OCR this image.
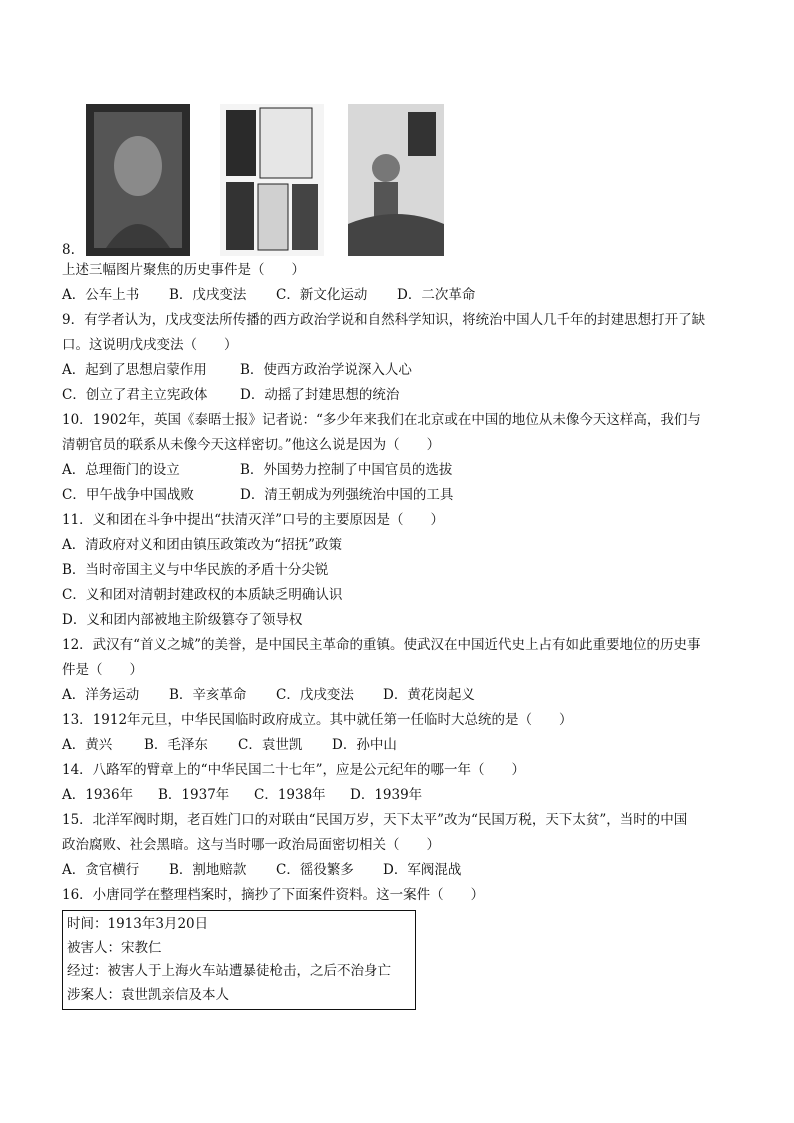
8.
上述三幅图片聚焦的历史事件是（　　）
A．公车上书 B．戊戌变法 C．新文化运动 D．二次革命
9．有学者认为，戊戌变法所传播的西方政治学说和自然科学知识，将统治中国人几千年的封建思想打开了缺
口。这说明戊戌变法（　　）
A．起到了思想启蒙作用 B．使西方政治学说深入人心
C．创立了君主立宪政体 D．动摇了封建思想的统治
10．1902年，英国《泰晤士报》记者说：“多少年来我们在北京或在中国的地位从未像今天这样高，我们与
清朝官员的联系从未像今天这样密切。”他这么说是因为（　　）
A．总理衙门的设立	B．外国势力控制了中国官员的选拔
C．甲午战争中国战败	D．清王朝成为列强统治中国的工具
11．义和团在斗争中提出“扶清灭洋”口号的主要原因是（　　）
A．清政府对义和团由镇压政策改为“招抚”政策
B．当时帝国主义与中华民族的矛盾十分尖锐
C．义和团对清朝封建政权的本质缺乏明确认识
D．义和团内部被地主阶级篡夺了领导权
12．武汉有“首义之城”的美誉，是中国民主革命的重镇。使武汉在中国近代史上占有如此重要地位的历史事
件是（　　）
A．洋务运动 B．辛亥革命 C．戊戌变法 D．黄花岗起义
13．1912年元旦，中华民国临时政府成立。其中就任第一任临时大总统的是（　　）
A．黄兴 B．毛泽东 C．袁世凯 D．孙中山
14．八路军的臂章上的“中华民国二十七年”，应是公元纪年的哪一年（　　）
A．1936年 B．1937年 C．1938年 D．1939年
15．北洋军阀时期，老百姓门口的对联由“民国万岁，天下太平”改为“民国万税，天下太贫”，当时的中国
政治腐败、社会黑暗。这与当时哪一政治局面密切相关（　　）
A．贪官横行 B．割地赔款 C．徭役繁多 D．军阀混战
16．小唐同学在整理档案时，摘抄了下面案件资料。这一案件（　　）
时间：1913年3月20日
被害人：宋教仁
经过：被害人于上海火车站遭暴徒枪击，之后不治身亡
涉案人：袁世凯亲信及本人
